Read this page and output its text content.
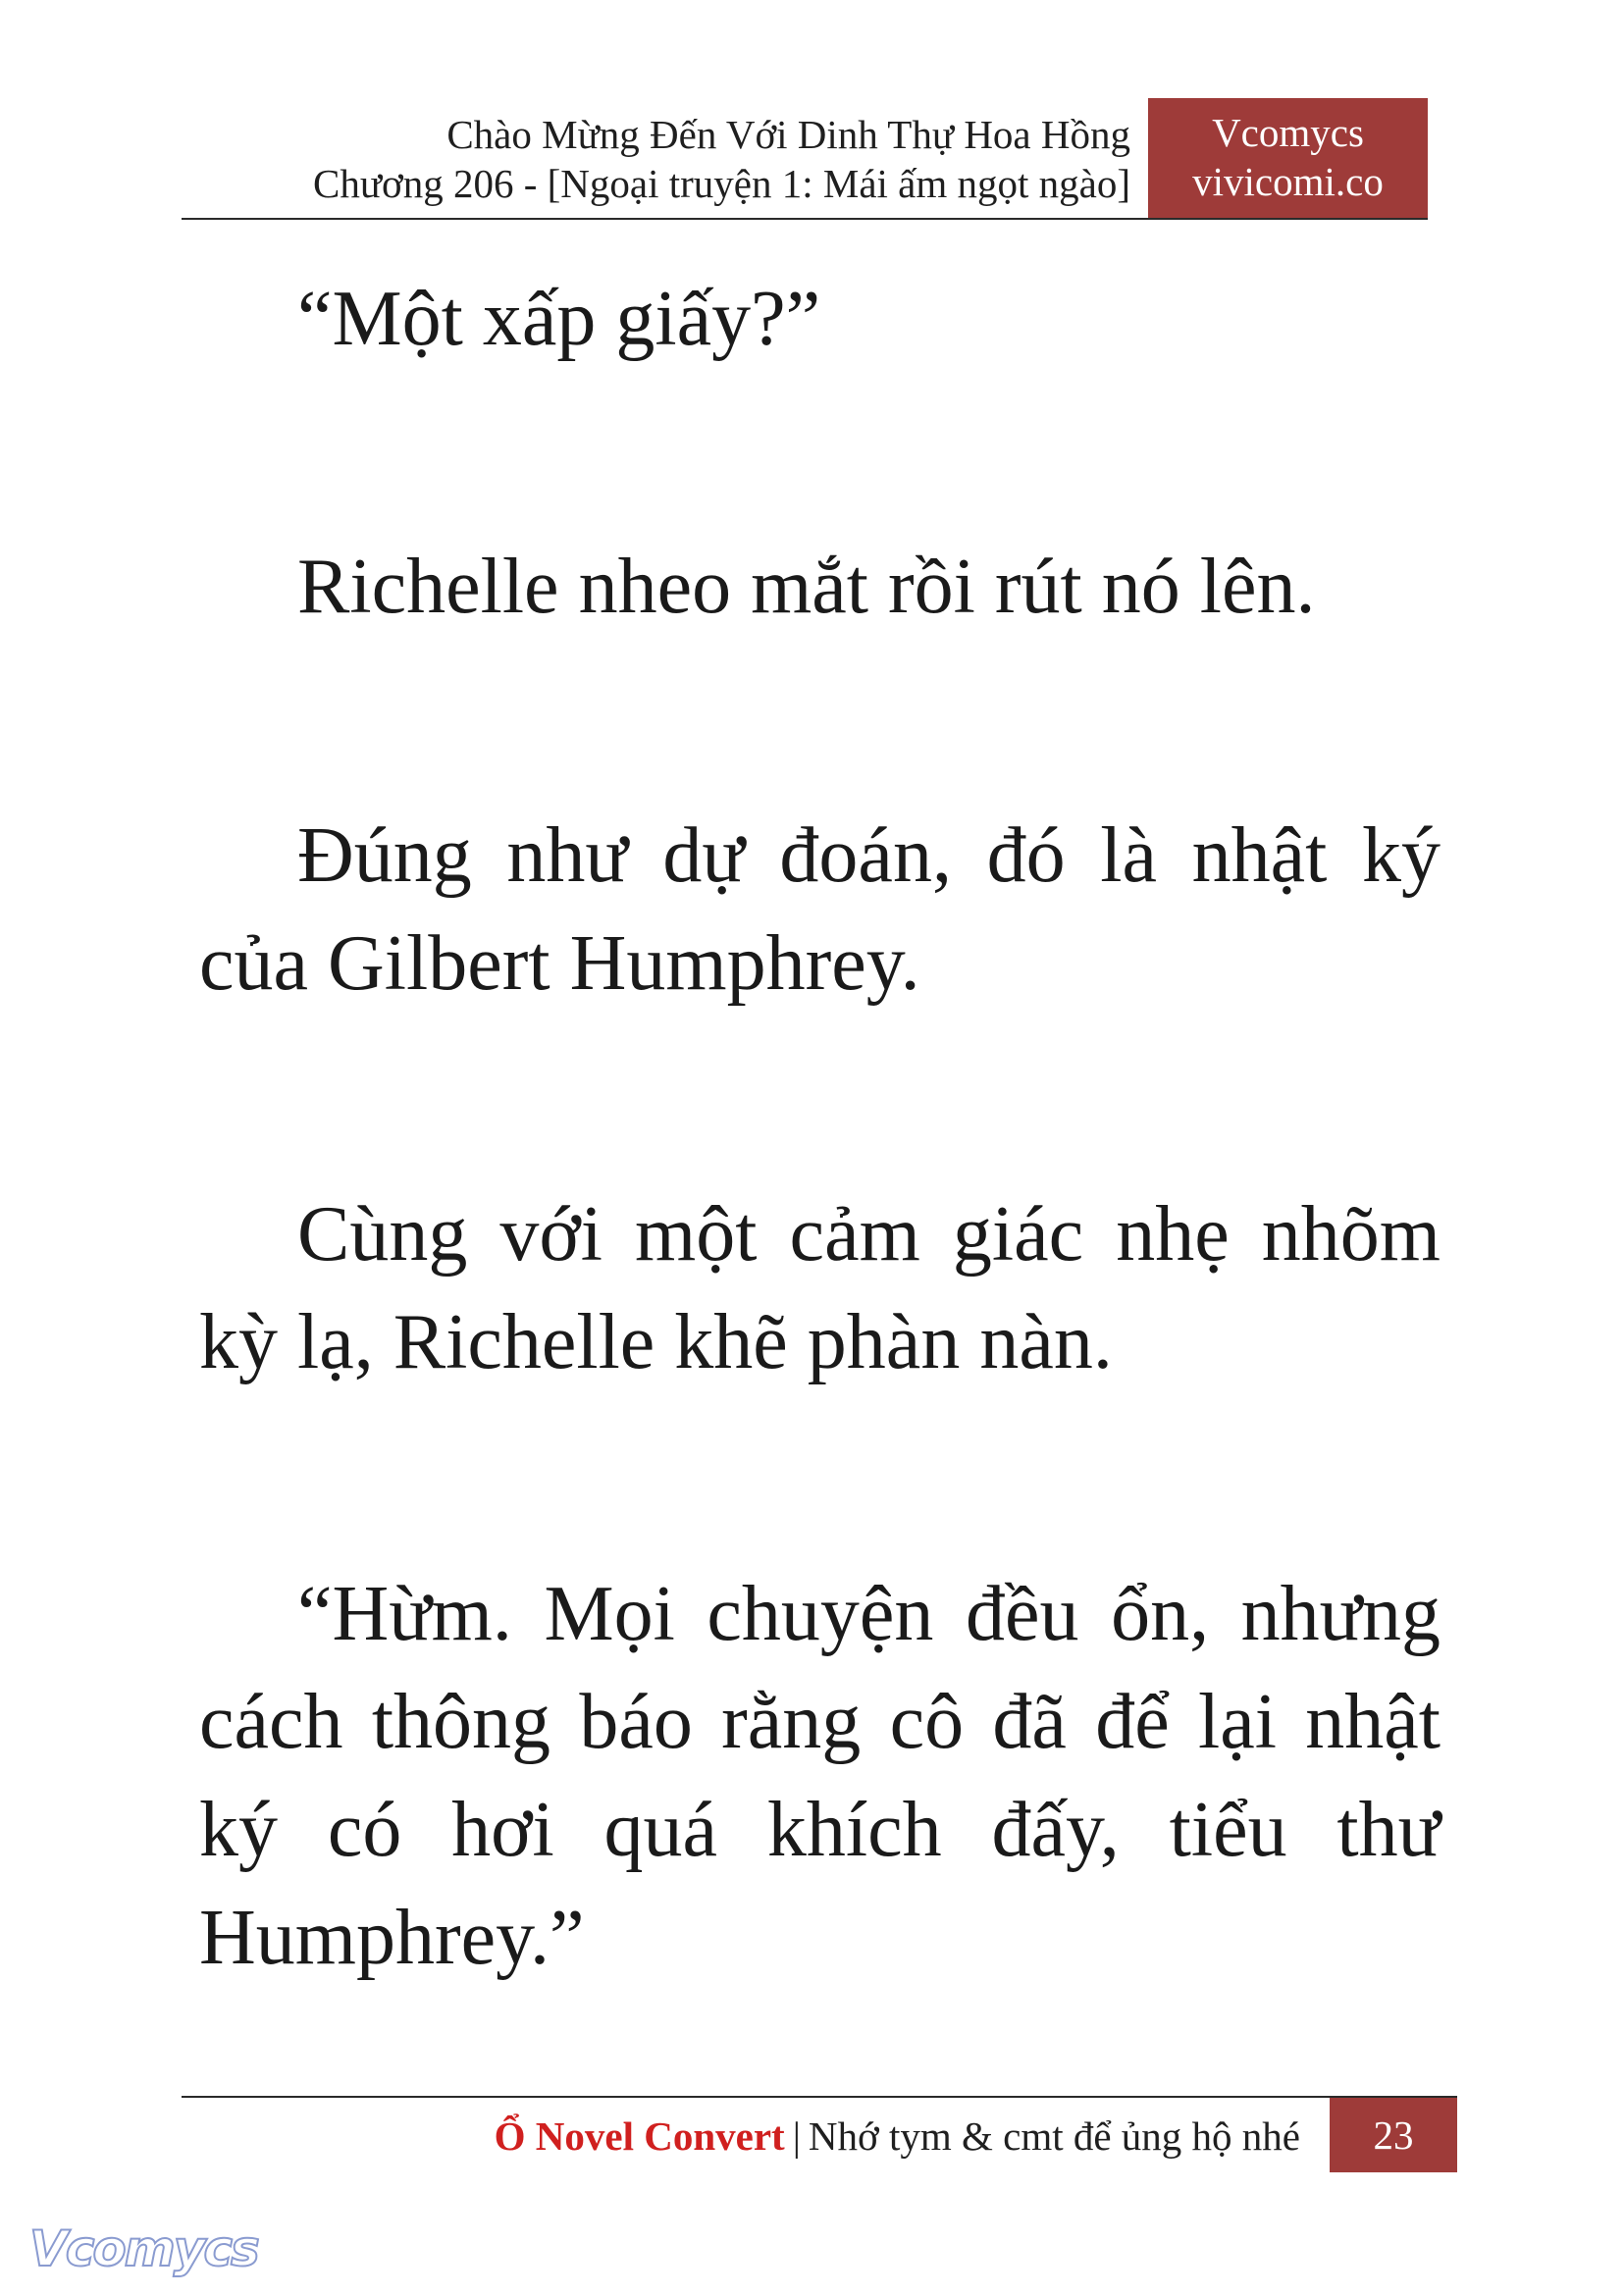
Chào Mừng Đến Với Dinh Thự Hoa Hồng
Chương 206 - [Ngoại truyện 1: Mái ấm ngọt ngào]
Vcomycs
vivicomi.co

“Một xấp giấy?”

Richelle nheo mắt rồi rút nó lên.

Đúng như dự đoán, đó là nhật ký của Gilbert Humphrey.

Cùng với một cảm giác nhẹ nhõm kỳ lạ, Richelle khẽ phàn nàn.

“Hừm. Mọi chuyện đều ổn, nhưng cách thông báo rằng cô đã để lại nhật ký có hơi quá khích đấy, tiểu thư Humphrey.”

Ổ Novel Convert | Nhớ tym & cmt để ủng hộ nhé	23
Vcomycs
